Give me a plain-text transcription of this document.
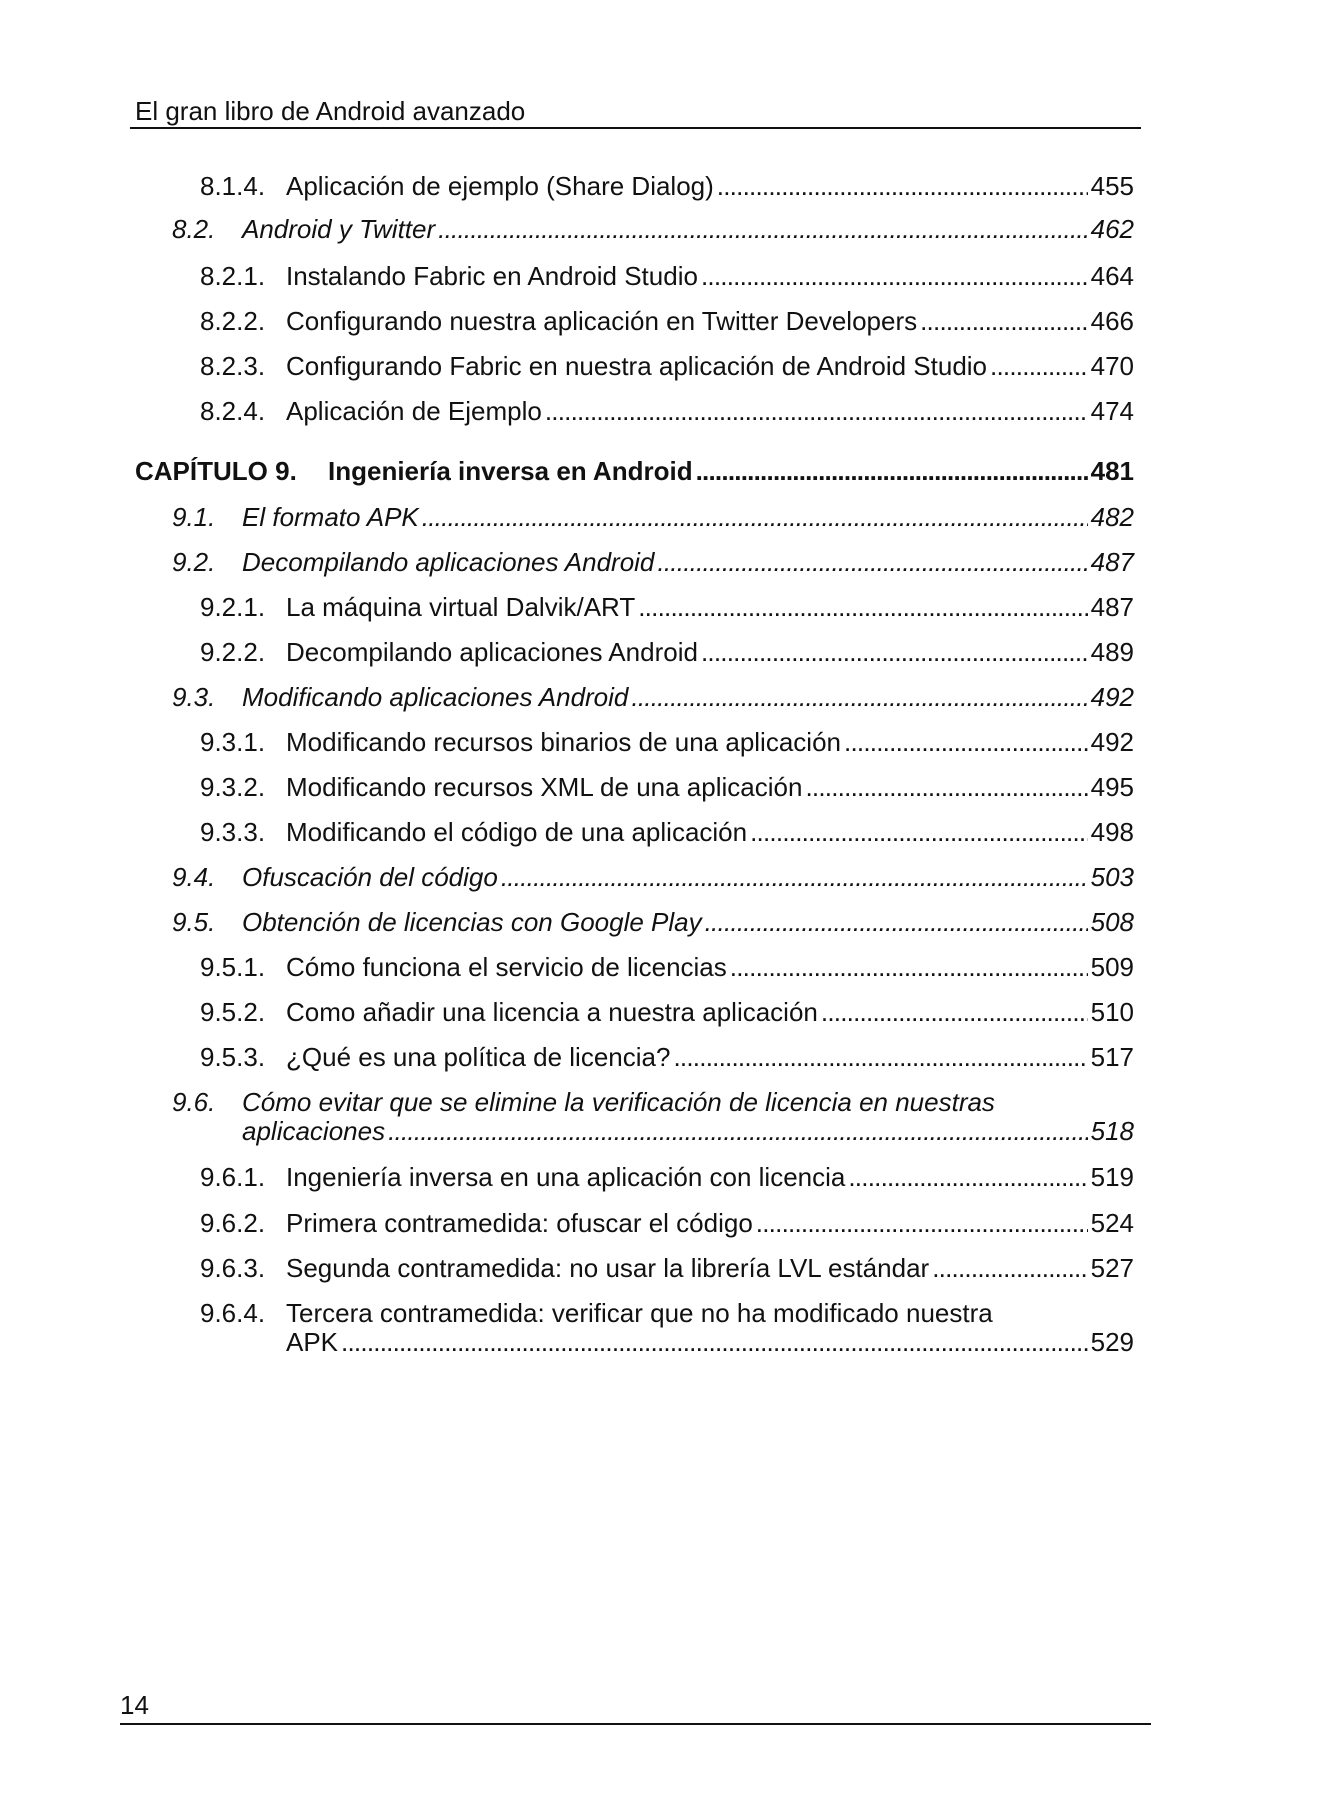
El gran libro de Android avanzado
8.1.4. Aplicación de ejemplo (Share Dialog) . . .	455
8.2.	Android y Twitter . . .	462
8.2.1. Instalando Fabric en Android Studio . . .	464
8.2.2. Configurando nuestra aplicación en Twitter Developers . . .	466
8.2.3. Configurando Fabric en nuestra aplicación de Android Studio . . .	470
8.2.4. Aplicación de Ejemplo . . .	474
CAPÍTULO 9.	Ingeniería inversa en Android . . .	481
9.1.	El formato APK . . .	482
9.2.	Decompilando aplicaciones Android . . .	487
9.2.1. La máquina virtual Dalvik/ART . . .	487
9.2.2. Decompilando aplicaciones Android . . .	489
9.3.	Modificando aplicaciones Android . . .	492
9.3.1. Modificando recursos binarios de una aplicación . . .	492
9.3.2. Modificando recursos XML de una aplicación . . .	495
9.3.3. Modificando el código de una aplicación . . .	498
9.4.	Ofuscación del código . . .	503
9.5.	Obtención de licencias con Google Play . . .	508
9.5.1. Cómo funciona el servicio de licencias . . .	509
9.5.2. Como añadir una licencia a nuestra aplicación . . .	510
9.5.3. ¿Qué es una política de licencia? . . .	517
9.6.	Cómo evitar que se elimine la verificación de licencia en nuestras
aplicaciones . . .	518
9.6.1. Ingeniería inversa en una aplicación con licencia . . .	519
9.6.2. Primera contramedida: ofuscar el código . . .	524
9.6.3. Segunda contramedida: no usar la librería LVL estándar . . .	527
9.6.4. Tercera contramedida: verificar que no ha modificado nuestra
APK . . .	529
14
